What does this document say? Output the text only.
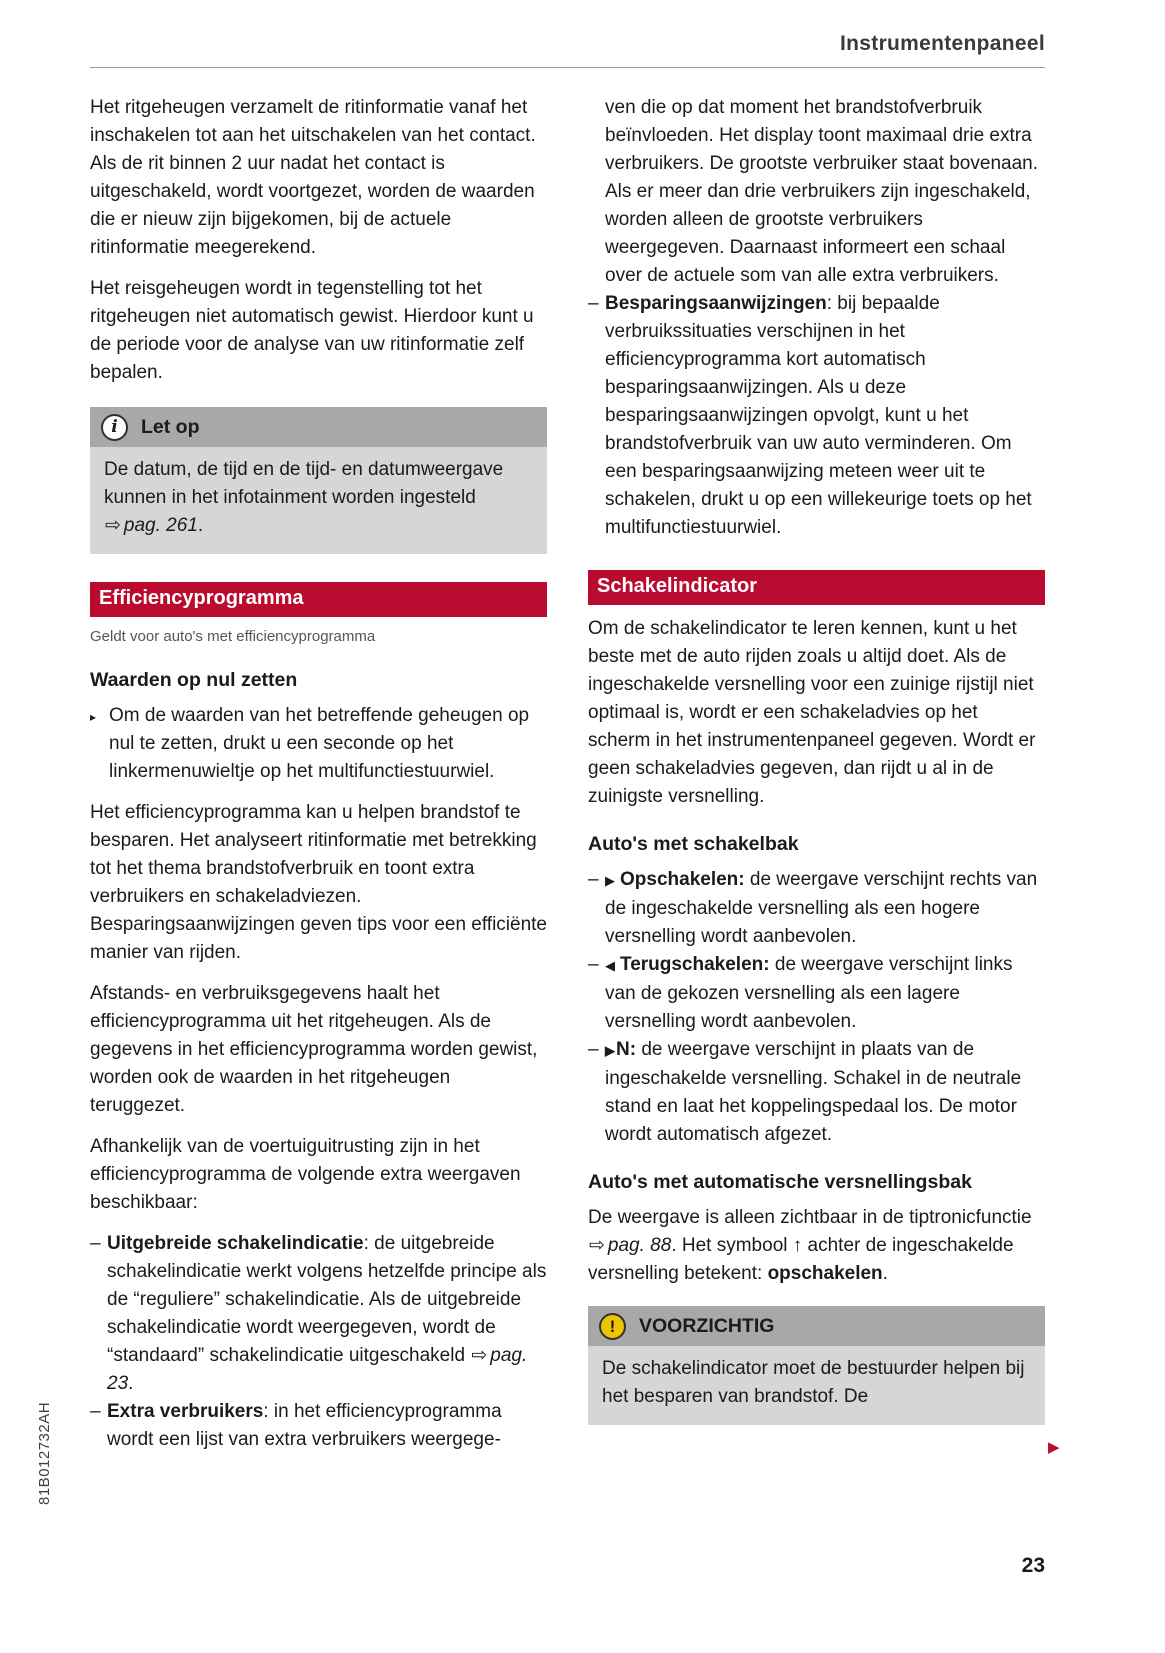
Instrumentenpaneel

Het ritgeheugen verzamelt de ritinformatie vanaf het inschakelen tot aan het uitschakelen van het contact. Als de rit binnen 2 uur nadat het contact is uitgeschakeld, wordt voortgezet, worden de waarden die er nieuw zijn bijgekomen, bij de actuele ritinformatie meegerekend.

Het reisgeheugen wordt in tegenstelling tot het ritgeheugen niet automatisch gewist. Hierdoor kunt u de periode voor de analyse van uw ritinformatie zelf bepalen.

i Let op
De datum, de tijd en de tijd- en datumweergave kunnen in het infotainment worden ingesteld ⇨ pag. 261.
Efficiencyprogramma
Geldt voor auto's met efficiencyprogramma
Waarden op nul zetten
▸ Om de waarden van het betreffende geheugen op nul te zetten, drukt u een seconde op het linkermenuwieltje op het multifunctiestuurwiel.

Het efficiencyprogramma kan u helpen brandstof te besparen. Het analyseert ritinformatie met betrekking tot het thema brandstofverbruik en toont extra verbruikers en schakeladviezen. Besparingsaanwijzingen geven tips voor een efficiënte manier van rijden.

Afstands- en verbruiksgegevens haalt het efficiencyprogramma uit het ritgeheugen. Als de gegevens in het efficiencyprogramma worden gewist, worden ook de waarden in het ritgeheugen teruggezet.

Afhankelijk van de voertuiguitrusting zijn in het efficiencyprogramma de volgende extra weergaven beschikbaar:

– Uitgebreide schakelindicatie: de uitgebreide schakelindicatie werkt volgens hetzelfde principe als de “reguliere” schakelindicatie. Als de uitgebreide schakelindicatie wordt weergegeven, wordt de “standaard” schakelindicatie uitgeschakeld ⇨ pag. 23.
– Extra verbruikers: in het efficiencyprogramma wordt een lijst van extra verbruikers weergege-
ven die op dat moment het brandstofverbruik beïnvloeden. Het display toont maximaal drie extra verbruikers. De grootste verbruiker staat bovenaan. Als er meer dan drie verbruikers zijn ingeschakeld, worden alleen de grootste verbruikers weergegeven. Daarnaast informeert een schaal over de actuele som van alle extra verbruikers.
– Besparingsaanwijzingen: bij bepaalde verbruikssituaties verschijnen in het efficiencyprogramma kort automatisch besparingsaanwijzingen. Als u deze besparingsaanwijzingen opvolgt, kunt u het brandstofverbruik van uw auto verminderen. Om een besparingsaanwijzing meteen weer uit te schakelen, drukt u op een willekeurige toets op het multifunctiestuurwiel.
Schakelindicator

Om de schakelindicator te leren kennen, kunt u het beste met de auto rijden zoals u altijd doet. Als de ingeschakelde versnelling voor een zuinige rijstijl niet optimaal is, wordt er een schakeladvies op het scherm in het instrumentenpaneel gegeven. Wordt er geen schakeladvies gegeven, dan rijdt u al in de zuinigste versnelling.

Auto's met schakelbak
– ▶ Opschakelen: de weergave verschijnt rechts van de ingeschakelde versnelling als een hogere versnelling wordt aanbevolen.
– ◀ Terugschakelen: de weergave verschijnt links van de gekozen versnelling als een lagere versnelling wordt aanbevolen.
– ▶N: de weergave verschijnt in plaats van de ingeschakelde versnelling. Schakel in de neutrale stand en laat het koppelingspedaal los. De motor wordt automatisch afgezet.
Auto's met automatische versnellingsbak

De weergave is alleen zichtbaar in de tiptronicfunctie ⇨ pag. 88. Het symbool ↑ achter de ingeschakelde versnelling betekent: opschakelen.

! VOORZICHTIG
De schakelindicator moet de bestuurder helpen bij het besparen van brandstof. De
81B012732AH
23
▶
